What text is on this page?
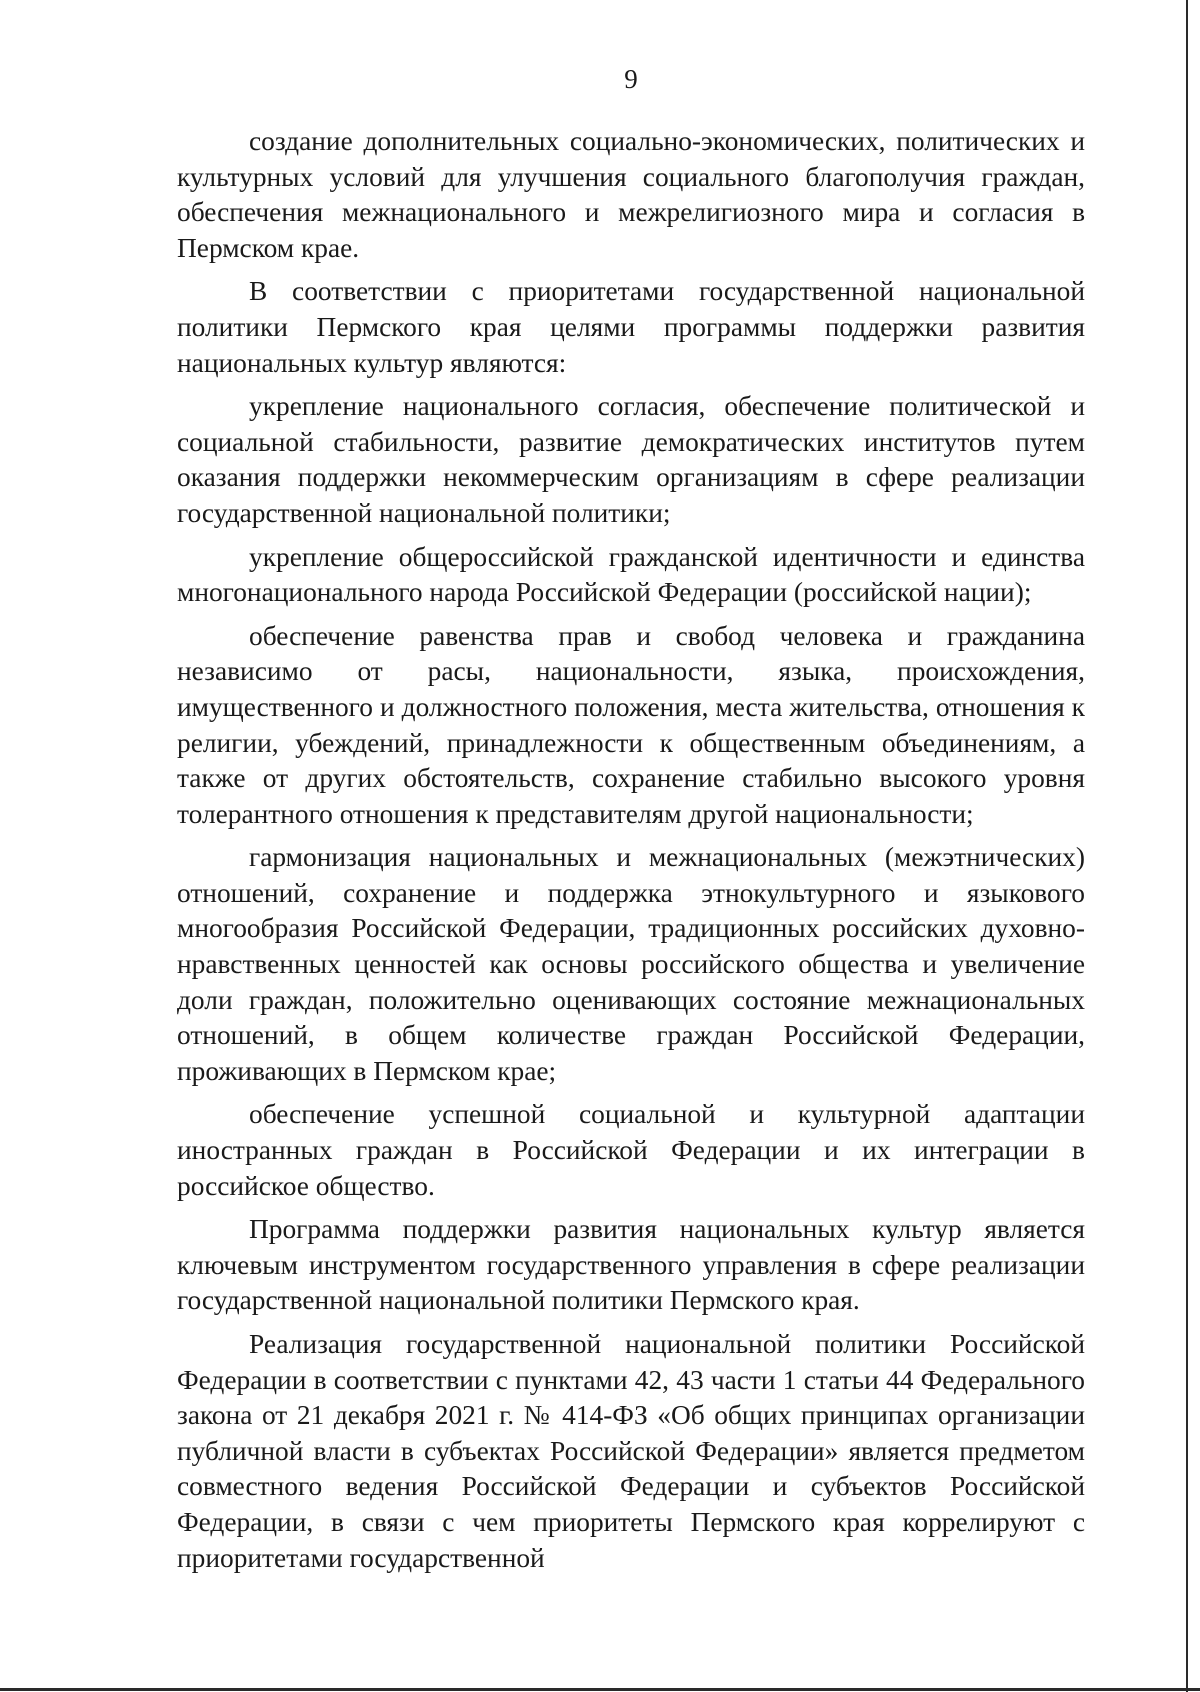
9

создание дополнительных социально-экономических, политических и культурных условий для улучшения социального благополучия граждан, обеспечения межнационального и межрелигиозного мира и согласия в Пермском крае.

В соответствии с приоритетами государственной национальной политики Пермского края целями программы поддержки развития национальных культур являются:

укрепление национального согласия, обеспечение политической и социальной стабильности, развитие демократических институтов путем оказания поддержки некоммерческим организациям в сфере реализации государственной национальной политики;

укрепление общероссийской гражданской идентичности и единства многонационального народа Российской Федерации (российской нации);

обеспечение равенства прав и свобод человека и гражданина независимо от расы, национальности, языка, происхождения, имущественного и должностного положения, места жительства, отношения к религии, убеждений, принадлежности к общественным объединениям, а также от других обстоятельств, сохранение стабильно высокого уровня толерантного отношения к представителям другой национальности;

гармонизация национальных и межнациональных (межэтнических) отношений, сохранение и поддержка этнокультурного и языкового многообразия Российской Федерации, традиционных российских духовно-нравственных ценностей как основы российского общества и увеличение доли граждан, положительно оценивающих состояние межнациональных отношений, в общем количестве граждан Российской Федерации, проживающих в Пермском крае;

обеспечение успешной социальной и культурной адаптации иностранных граждан в Российской Федерации и их интеграции в российское общество.

Программа поддержки развития национальных культур является ключевым инструментом государственного управления в сфере реализации государственной национальной политики Пермского края.

Реализация государственной национальной политики Российской Федерации в соответствии с пунктами 42, 43 части 1 статьи 44 Федерального закона от 21 декабря 2021 г. № 414-ФЗ «Об общих принципах организации публичной власти в субъектах Российской Федерации» является предметом совместного ведения Российской Федерации и субъектов Российской Федерации, в связи с чем приоритеты Пермского края коррелируют с приоритетами государственной
